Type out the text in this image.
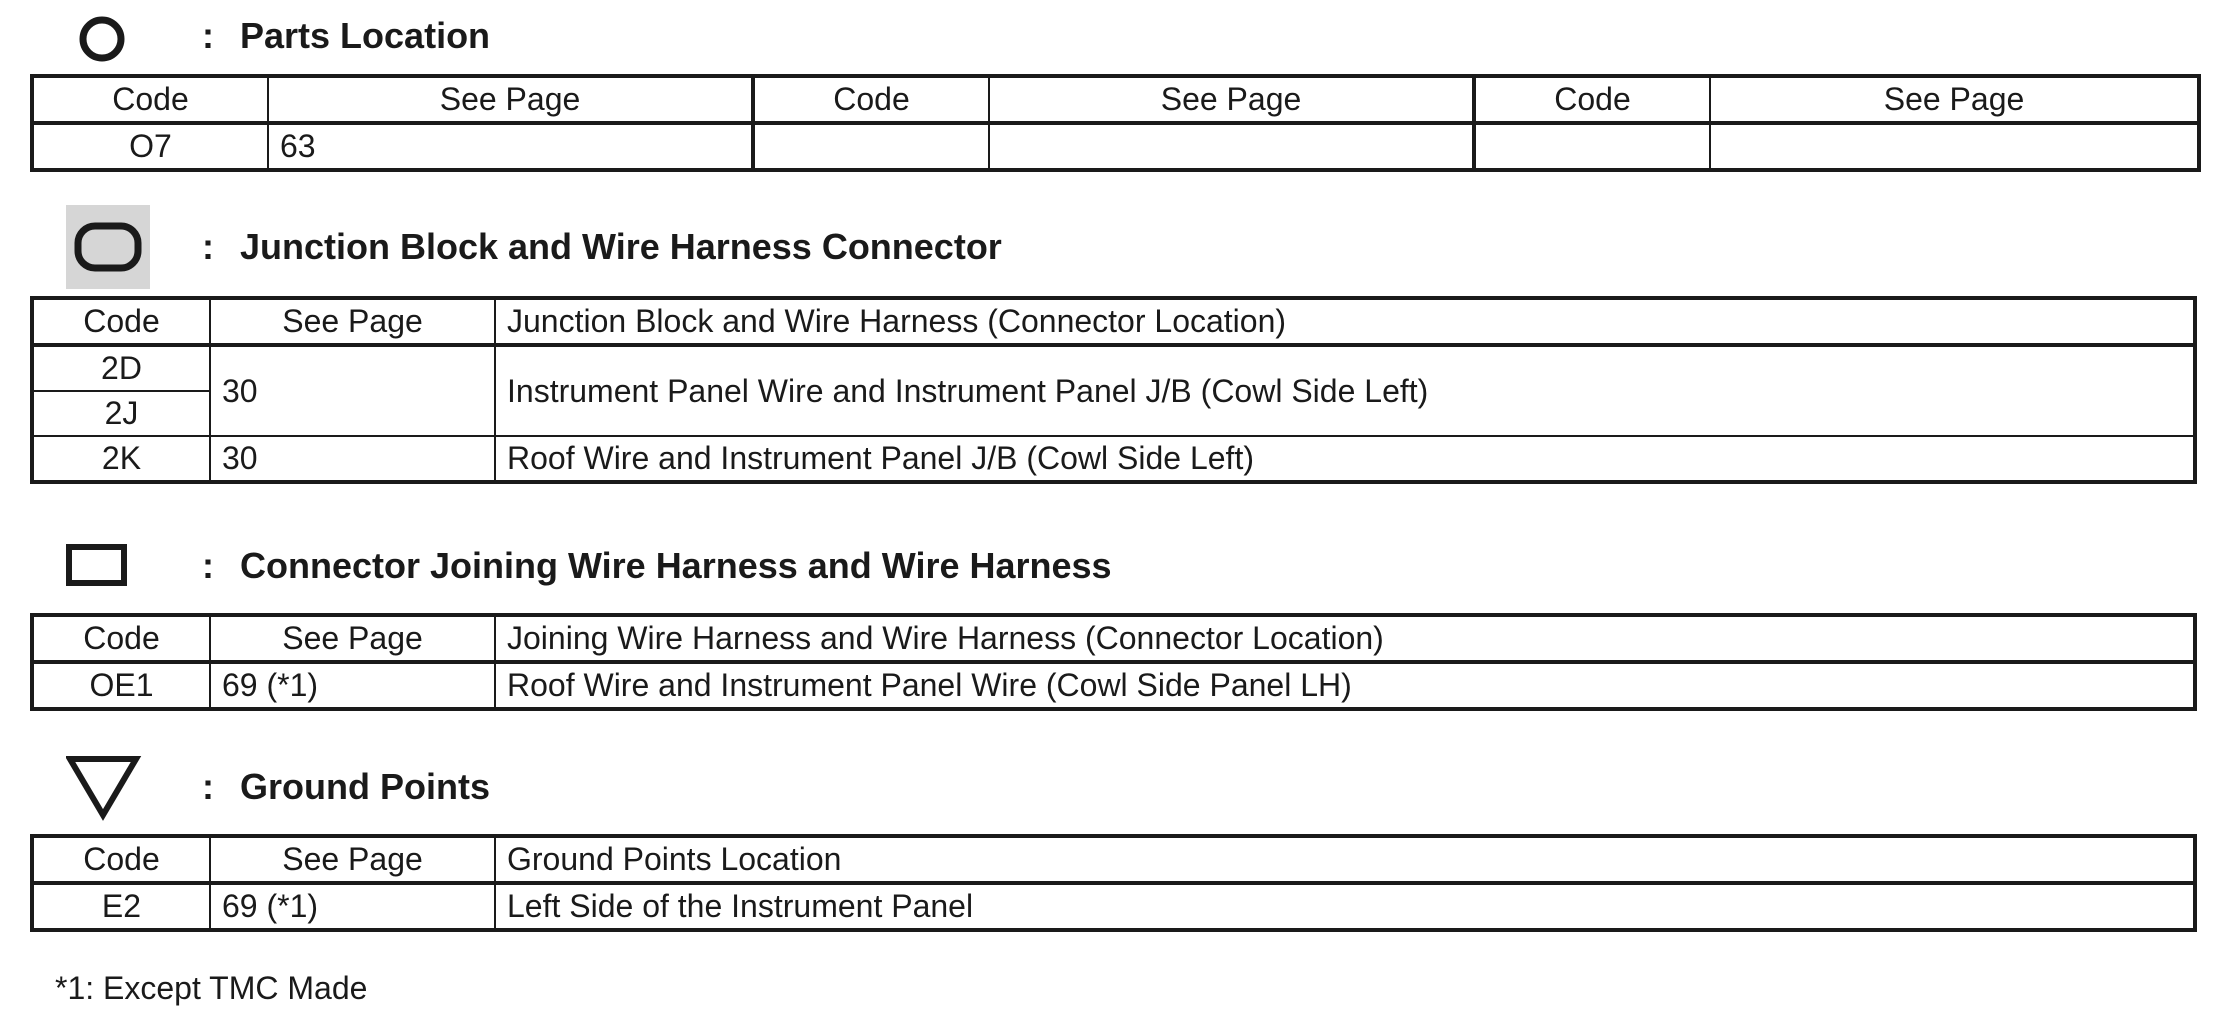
: Parts Location
Code	See Page	Code	See Page	Code	See Page
O7	63				
: Junction Block and Wire Harness Connector
Code	See Page	Junction Block and Wire Harness (Connector Location)
2D	30	Instrument Panel Wire and Instrument Panel J/B (Cowl Side Left)
2J		
2K	30	Roof Wire and Instrument Panel J/B (Cowl Side Left)
: Connector Joining Wire Harness and Wire Harness
Code	See Page	Joining Wire Harness and Wire Harness (Connector Location)
OE1	69 (*1)	Roof Wire and Instrument Panel Wire (Cowl Side Panel LH)
: Ground Points
Code	See Page	Ground Points Location
E2	69 (*1)	Left Side of the Instrument Panel
*1: Except TMC Made
